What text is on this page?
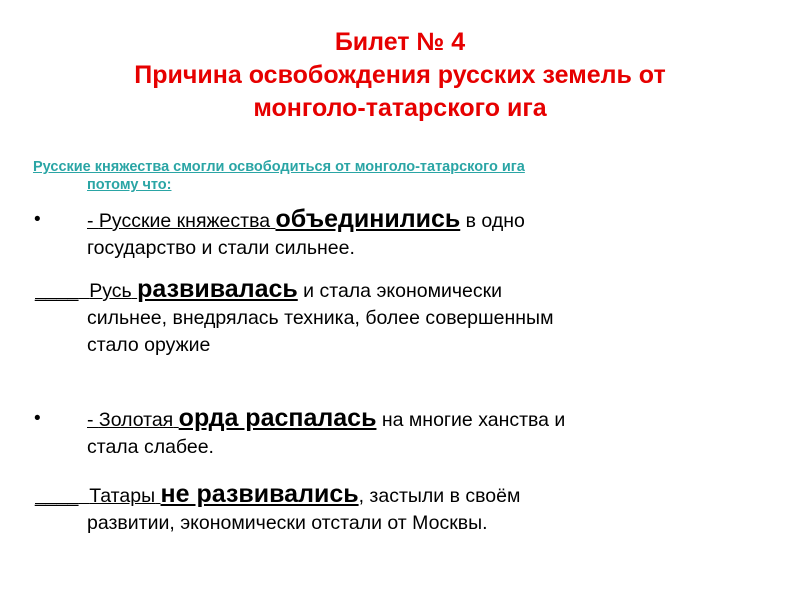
Билет № 4
Причина освобождения русских земель от
монголо-татарского ига
Русские княжества смогли освободиться от монголо-татарского ига
потому что:
• - Русские княжества объединились в одно
государство и стали сильнее.
____ Русь развивалась и стала экономически
сильнее, внедрялась техника, более совершенным
стало оружие
• - Золотая орда распалась на многие ханства и
стала слабее.
____ Татары не развивались, застыли в своём
развитии, экономически отстали от Москвы.
